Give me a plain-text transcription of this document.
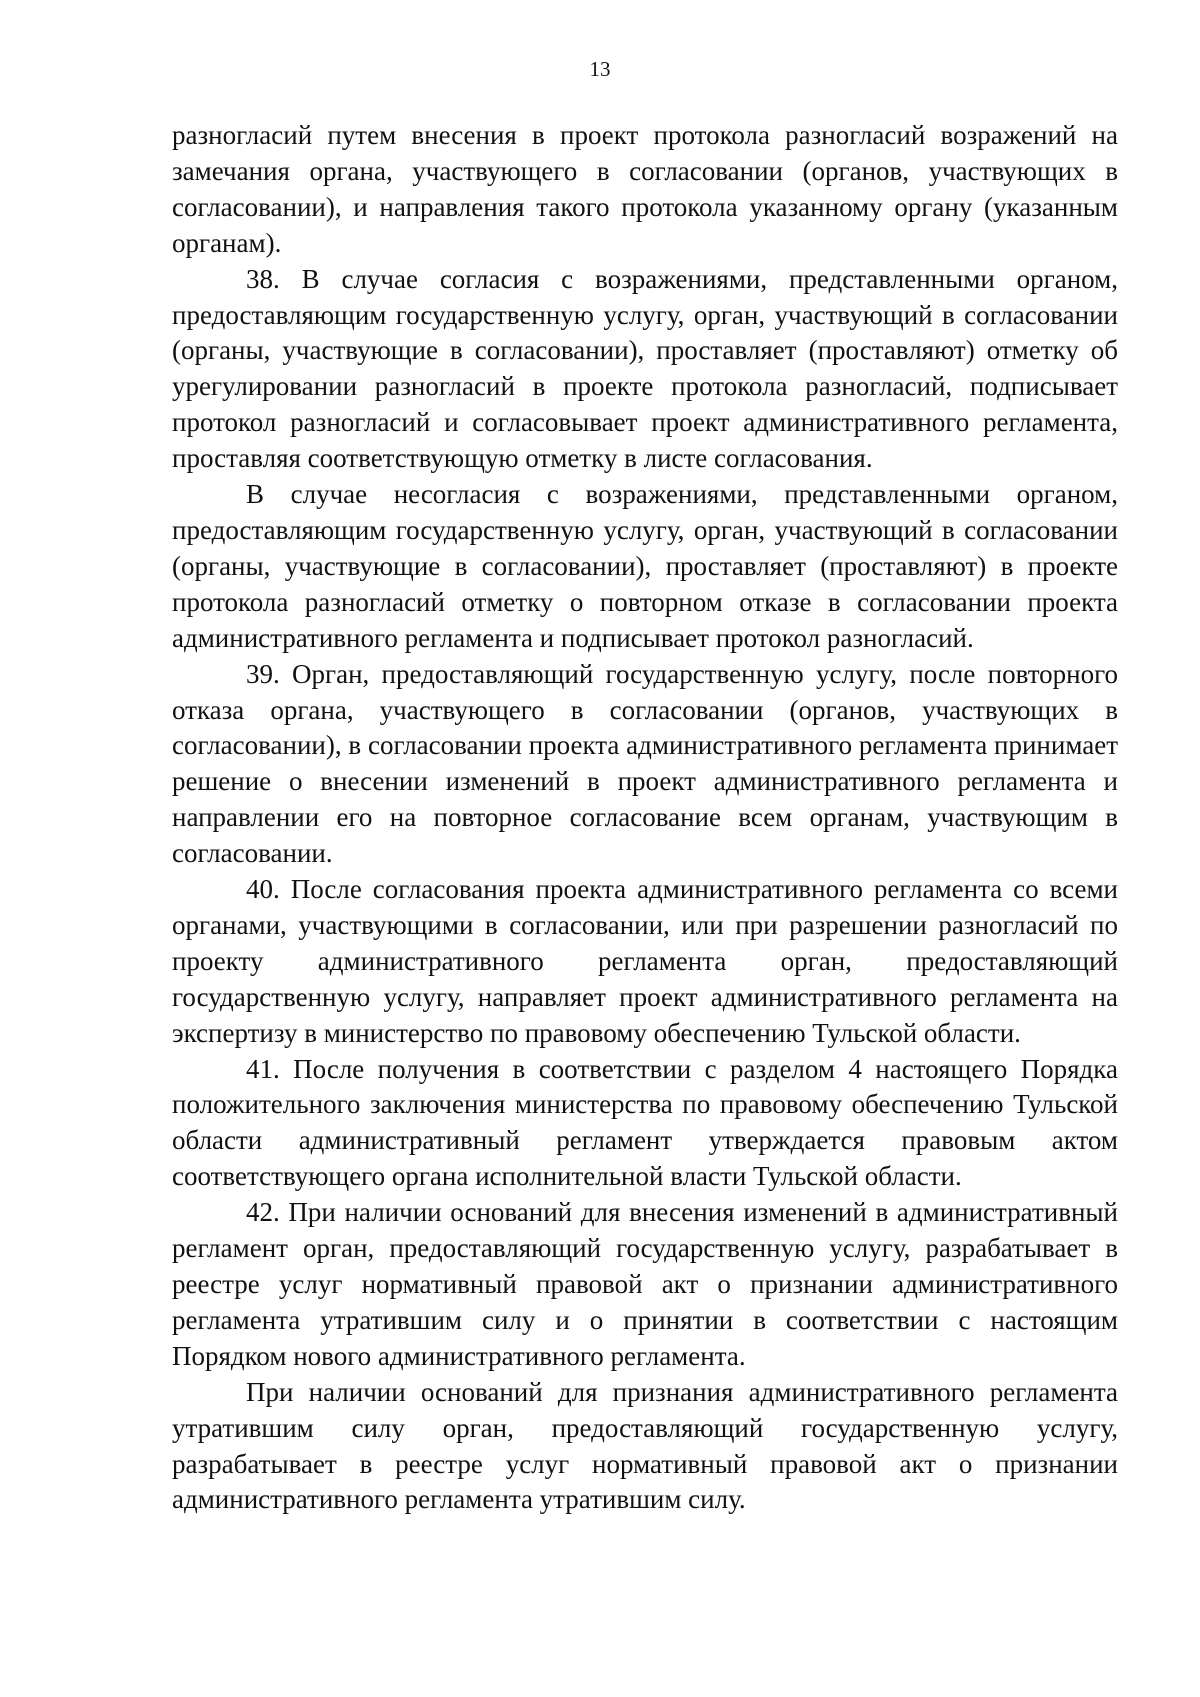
13

разногласий путем внесения в проект протокола разногласий возражений на замечания органа, участвующего в согласовании (органов, участвующих в согласовании), и направления такого протокола указанному органу (указанным органам).

38. В случае согласия с возражениями, представленными органом, предоставляющим государственную услугу, орган, участвующий в согласовании (органы, участвующие в согласовании), проставляет (проставляют) отметку об урегулировании разногласий в проекте протокола разногласий, подписывает протокол разногласий и согласовывает проект административного регламента, проставляя соответствующую отметку в листе согласования.

В случае несогласия с возражениями, представленными органом, предоставляющим государственную услугу, орган, участвующий в согласовании (органы, участвующие в согласовании), проставляет (проставляют) в проекте протокола разногласий отметку о повторном отказе в согласовании проекта административного регламента и подписывает протокол разногласий.

39. Орган, предоставляющий государственную услугу, после повторного отказа органа, участвующего в согласовании (органов, участвующих в согласовании), в согласовании проекта административного регламента принимает решение о внесении изменений в проект административного регламента и направлении его на повторное согласование всем органам, участвующим в согласовании.

40. После согласования проекта административного регламента со всеми органами, участвующими в согласовании, или при разрешении разногласий по проекту административного регламента орган, предоставляющий государственную услугу, направляет проект административного регламента на экспертизу в министерство по правовому обеспечению Тульской области.

41. После получения в соответствии с разделом 4 настоящего Порядка положительного заключения министерства по правовому обеспечению Тульской области административный регламент утверждается правовым актом соответствующего органа исполнительной власти Тульской области.

42. При наличии оснований для внесения изменений в административный регламент орган, предоставляющий государственную услугу, разрабатывает в реестре услуг нормативный правовой акт о признании административного регламента утратившим силу и о принятии в соответствии с настоящим Порядком нового административного регламента.

При наличии оснований для признания административного регламента утратившим силу орган, предоставляющий государственную услугу, разрабатывает в реестре услуг нормативный правовой акт о признании административного регламента утратившим силу.
